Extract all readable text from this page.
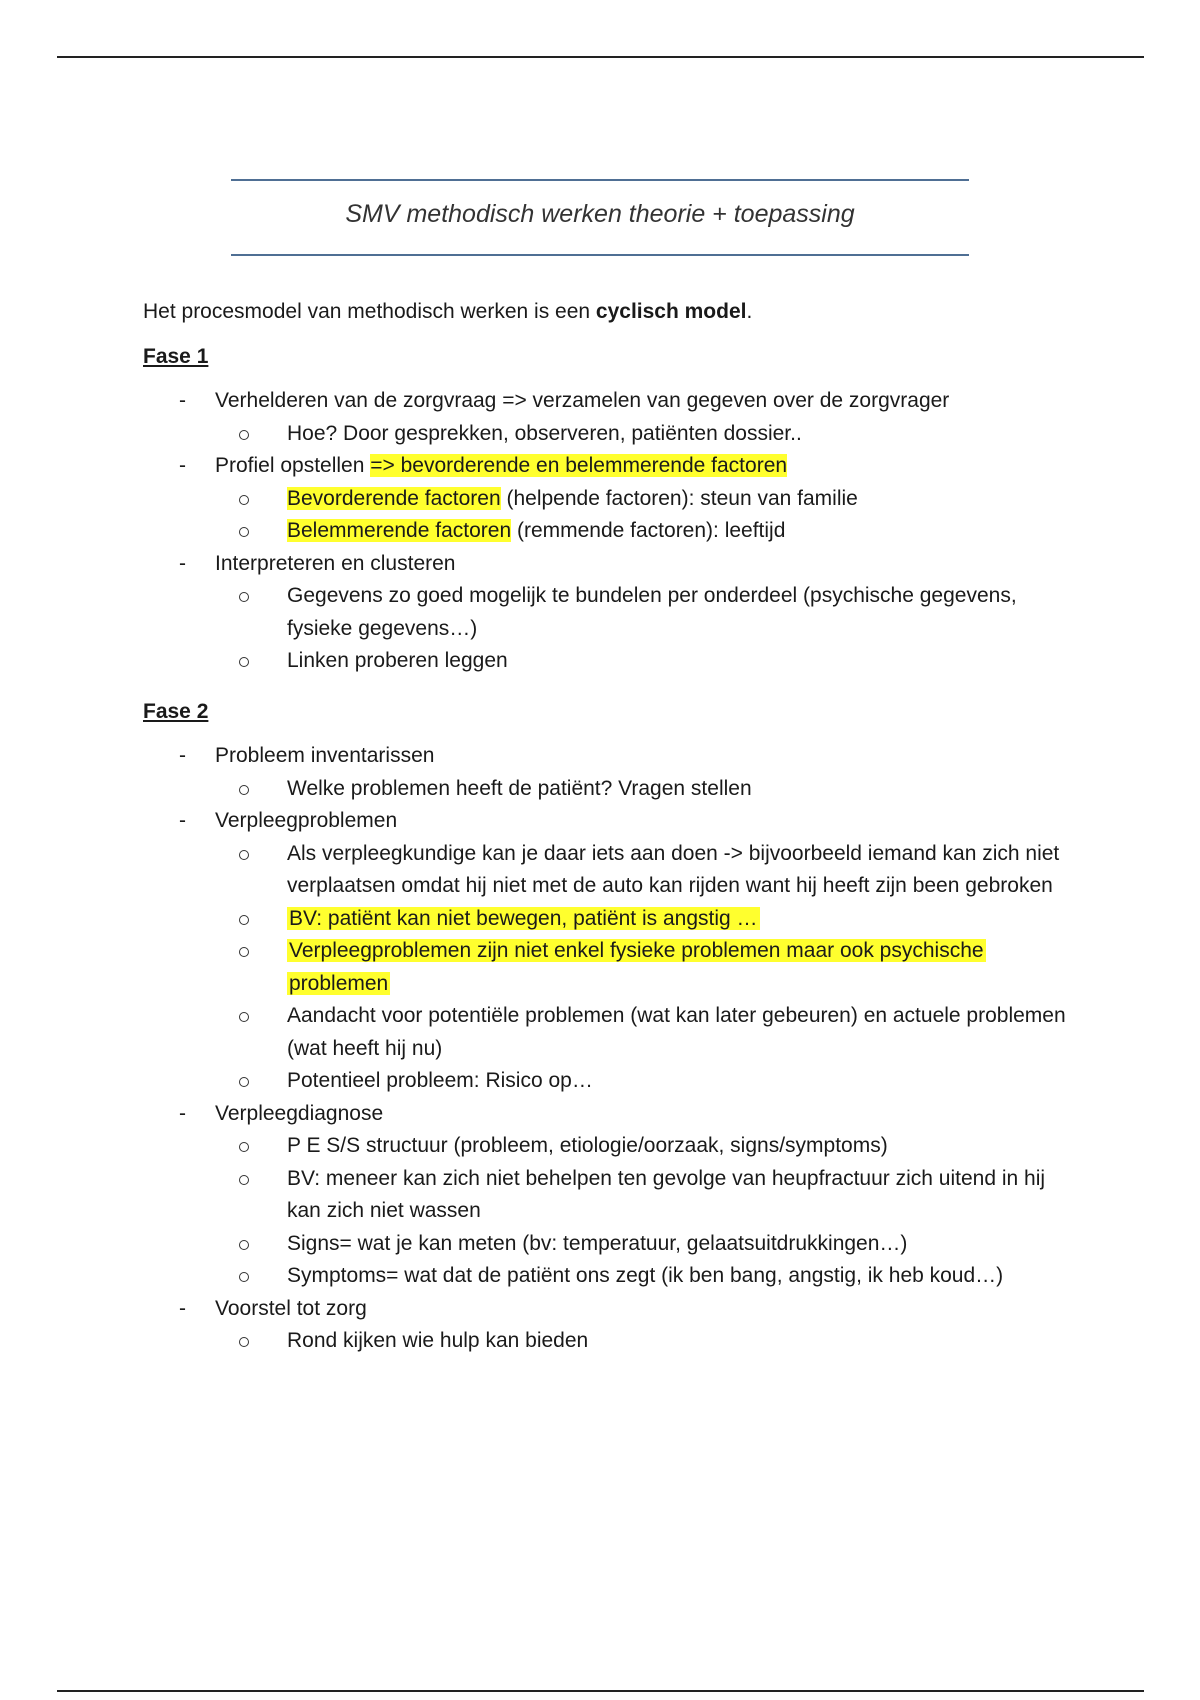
SMV methodisch werken theorie + toepassing

Het procesmodel van methodisch werken is een cyclisch model.

Fase 1

- Verhelderen van de zorgvraag => verzamelen van gegeven over de zorgvrager
Hoe? Door gesprekken, observeren, patiënten dossier..
- Profiel opstellen => bevorderende en belemmerende factoren
Bevorderende factoren (helpende factoren): steun van familie
Belemmerende factoren (remmende factoren): leeftijd
- Interpreteren en clusteren
Gegevens zo goed mogelijk te bundelen per onderdeel (psychische gegevens, fysieke gegevens…)
Linken proberen leggen

Fase 2

- Probleem inventarissen
Welke problemen heeft de patiënt? Vragen stellen
- Verpleegproblemen
Als verpleegkundige kan je daar iets aan doen -> bijvoorbeeld iemand kan zich niet verplaatsen omdat hij niet met de auto kan rijden want hij heeft zijn been gebroken
BV: patiënt kan niet bewegen, patiënt is angstig …
Verpleegproblemen zijn niet enkel fysieke problemen maar ook psychische problemen
Aandacht voor potentiële problemen (wat kan later gebeuren) en actuele problemen (wat heeft hij nu)
Potentieel probleem: Risico op…
- Verpleegdiagnose
P E S/S structuur (probleem, etiologie/oorzaak, signs/symptoms)
BV: meneer kan zich niet behelpen ten gevolge van heupfractuur zich uitend in hij kan zich niet wassen
Signs= wat je kan meten (bv: temperatuur, gelaatsuitdrukkingen…)
Symptoms= wat dat de patiënt ons zegt (ik ben bang, angstig, ik heb koud…)
- Voorstel tot zorg
Rond kijken wie hulp kan bieden
